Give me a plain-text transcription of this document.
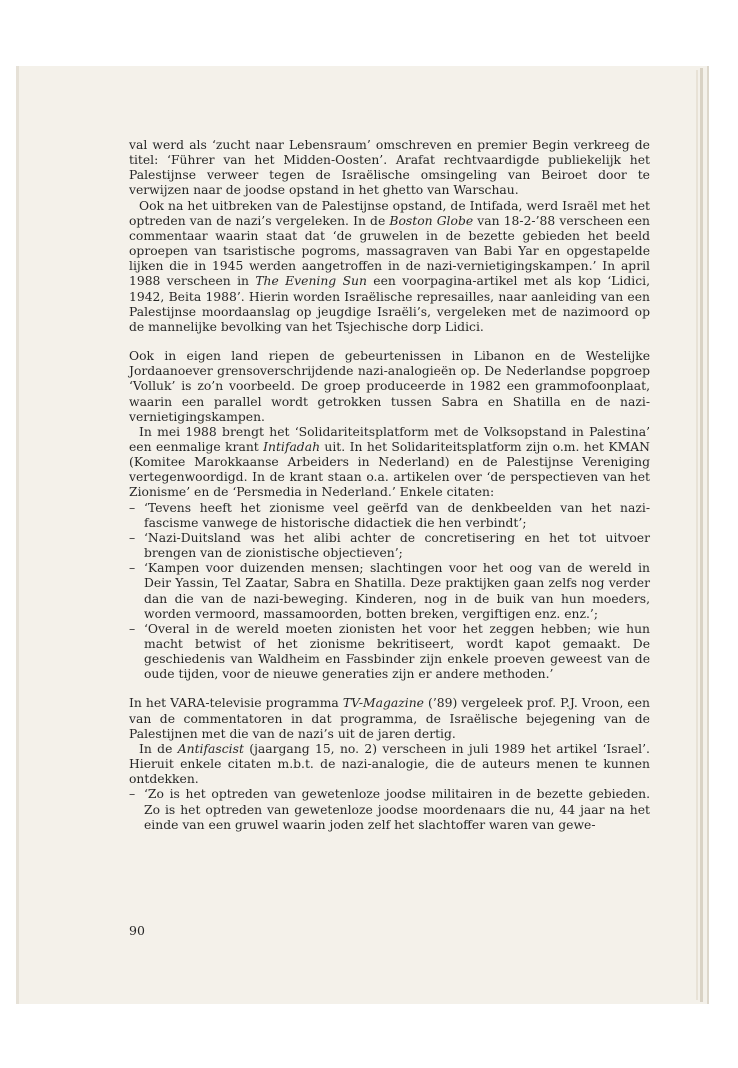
val werd als ‘zucht naar Lebensraum’ omschreven en premier Begin verkreeg de titel: ‘Führer van het Midden-Oosten’. Arafat rechtvaardigde publiekelijk het Palestijnse verweer tegen de Israëlische omsingeling van Beiroet door te verwijzen naar de joodse opstand in het ghetto van Warschau.

Ook na het uitbreken van de Palestijnse opstand, de Intifada, werd Israël met het optreden van de nazi’s vergeleken. In de Boston Globe van 18-2-’88 verscheen een commentaar waarin staat dat ‘de gruwelen in de bezette gebieden het beeld oproepen van tsaristische pogroms, massagraven van Babi Yar en opgestapelde lijken die in 1945 werden aangetroffen in de nazi-vernietigingskampen.’ In april 1988 verscheen in The Evening Sun een voorpagina-artikel met als kop ‘Lidici, 1942, Beita 1988’. Hierin worden Israëlische represailles, naar aanleiding van een Palestijnse moordaanslag op jeugdige Israëli’s, vergeleken met de nazimoord op de mannelijke bevolking van het Tsjechische dorp Lidici.

Ook in eigen land riepen de gebeurtenissen in Libanon en de Westelijke Jordaanoever grensoverschrijdende nazi-analogieën op. De Nederlandse popgroep ‘Volluk’ is zo’n voorbeeld. De groep produceerde in 1982 een grammofoonplaat, waarin een parallel wordt getrokken tussen Sabra en Shatilla en de nazi-vernietigingskampen.

In mei 1988 brengt het ‘Solidariteitsplatform met de Volksopstand in Palestina’ een eenmalige krant Intifadah uit. In het Solidariteitsplatform zijn o.m. het KMAN (Komitee Marokkaanse Arbeiders in Nederland) en de Palestijnse Vereniging vertegenwoordigd. In de krant staan o.a. artikelen over ‘de perspectieven van het Zionisme’ en de ‘Persmedia in Nederland.’ Enkele citaten:

– ‘Tevens heeft het zionisme veel geërfd van de denkbeelden van het nazi-fascisme vanwege de historische didactiek die hen verbindt’;
– ‘Nazi-Duitsland was het alibi achter de concretisering en het tot uitvoer brengen van de zionistische objectieven’;
– ‘Kampen voor duizenden mensen; slachtingen voor het oog van de wereld in Deir Yassin, Tel Zaatar, Sabra en Shatilla. Deze praktijken gaan zelfs nog verder dan die van de nazi-beweging. Kinderen, nog in de buik van hun moeders, worden vermoord, massamoorden, botten breken, vergiftigen enz. enz.’;
– ‘Overal in de wereld moeten zionisten het voor het zeggen hebben; wie hun macht betwist of het zionisme bekritiseert, wordt kapot gemaakt. De geschiedenis van Waldheim en Fassbinder zijn enkele proeven geweest van de oude tijden, voor de nieuwe generaties zijn er andere methoden.’

In het VARA-televisie programma TV-Magazine (’89) vergeleek prof. P.J. Vroon, een van de commentatoren in dat programma, de Israëlische bejegening van de Palestijnen met die van de nazi’s uit de jaren dertig.

In de Antifascist (jaargang 15, no. 2) verscheen in juli 1989 het artikel ‘Israel’. Hieruit enkele citaten m.b.t. de nazi-analogie, die de auteurs menen te kunnen ontdekken.

– ‘Zo is het optreden van gewetenloze joodse militairen in de bezette gebieden. Zo is het optreden van gewetenloze joodse moordenaars die nu, 44 jaar na het einde van een gruwel waarin joden zelf het slachtoffer waren van gewe-
90
